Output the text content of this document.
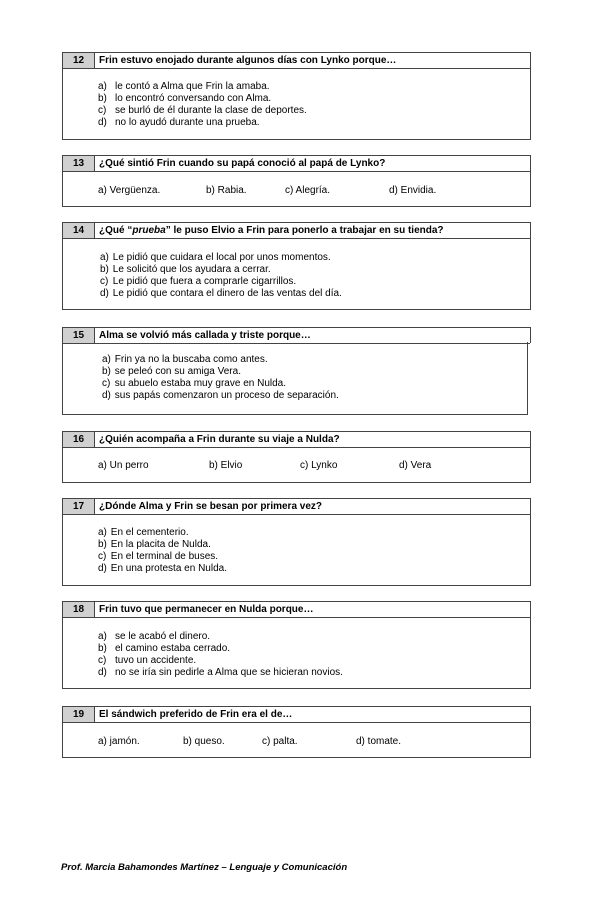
12	Frin estuvo enojado durante algunos días con Lynko porque…
a) le contó a Alma que Frin la amaba.
b) lo encontró conversando con Alma.
c) se burló de él durante la clase de deportes.
d) no lo ayudó durante una prueba.
13	¿Qué sintió Frin cuando su papá conoció al papá de Lynko?
a) Vergüenza.	b) Rabia.	c) Alegría.	d) Envidia.
14	¿Qué “prueba” le puso Elvio a Frin para ponerlo a trabajar en su tienda?
a) Le pidió que cuidara el local por unos momentos.
b) Le solicitó que los ayudara a cerrar.
c) Le pidió que fuera a comprarle cigarrillos.
d) Le pidió que contara el dinero de las ventas del día.
15	Alma se volvió más callada y triste porque…
a) Frin ya no la buscaba como antes.
b) se peleó con su amiga Vera.
c) su abuelo estaba muy grave en Nulda.
d) sus papás comenzaron un proceso de separación.
16	¿Quién acompaña a Frin durante su viaje a Nulda?
a) Un perro	b) Elvio	c) Lynko	d) Vera
17	¿Dónde Alma y Frin se besan por primera vez?
a) En el cementerio.
b) En la placita de Nulda.
c) En el terminal de buses.
d) En una protesta en Nulda.
18	Frin tuvo que permanecer en Nulda porque…
a) se le acabó el dinero.
b) el camino estaba cerrado.
c) tuvo un accidente.
d) no se iría sin pedirle a Alma que se hicieran novios.
19	El sándwich preferido de Frin era el de…
a) jamón.	b) queso.	c) palta.	d) tomate.
Prof. Marcia Bahamondes Martínez – Lenguaje y Comunicación
